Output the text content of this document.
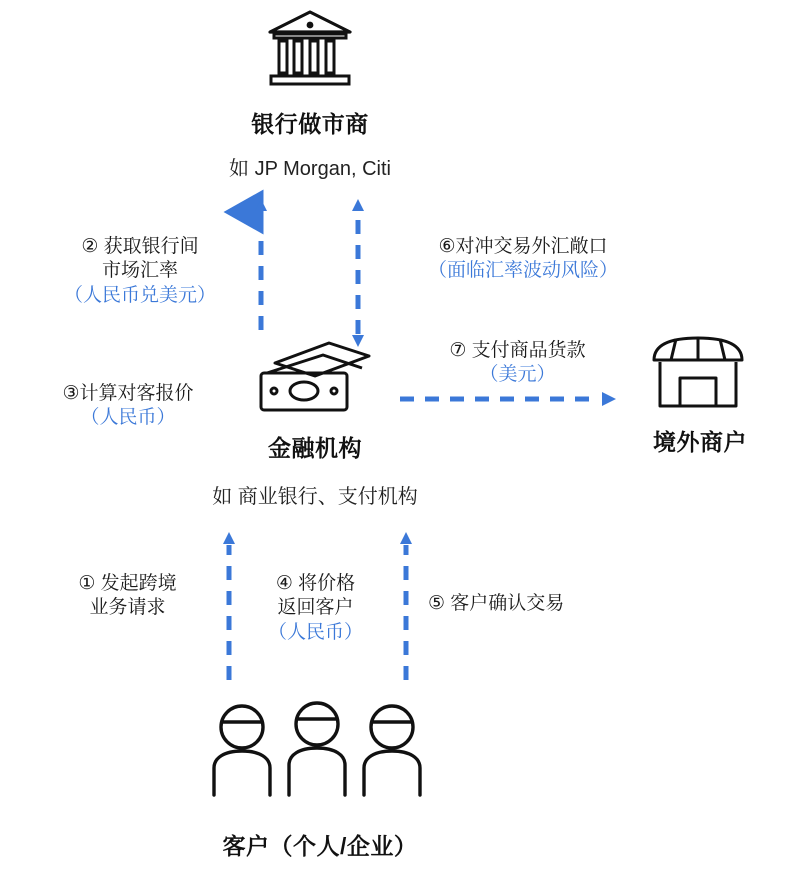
银行做市商
如 JP Morgan, Citi
金融机构
如 商业银行、支付机构
境外商户
客户（个人/企业）
② 获取银行间
市场汇率
（人民币兑美元）
⑥对冲交易外汇敞口
（面临汇率波动风险）
③计算对客报价
（人民币）
⑦ 支付商品货款
（美元）
① 发起跨境
业务请求
④ 将价格
返回客户
（人民币）
⑤ 客户确认交易
